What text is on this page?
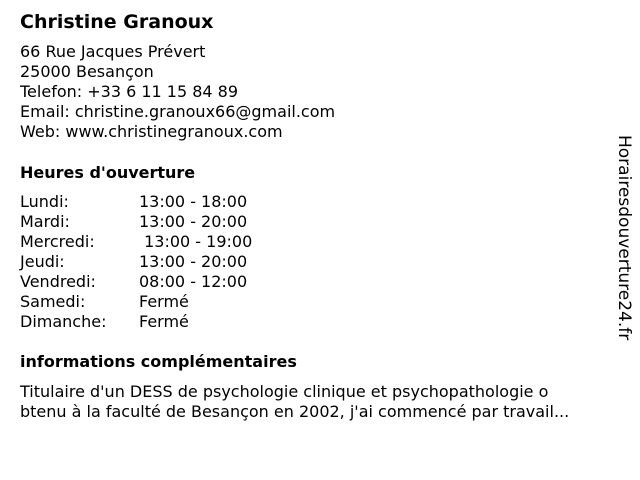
Christine Granoux
66 Rue Jacques Prévert
25000 Besançon
Telefon: +33 6 11 15 84 89
Email: christine.granoux66@gmail.com
Web: www.christinegranoux.com
Heures d'ouverture
Lundi:	13:00 - 18:00
Mardi:	13:00 - 20:00
Mercredi:	13:00 - 19:00
Jeudi:	13:00 - 20:00
Vendredi:	08:00 - 12:00
Samedi:	Fermé
Dimanche:	Fermé
informations complémentaires
Titulaire d'un DESS de psychologie clinique et psychopathologie o
btenu à la faculté de Besançon en 2002, j'ai commencé par travail...
Horairesdouverture24.fr
